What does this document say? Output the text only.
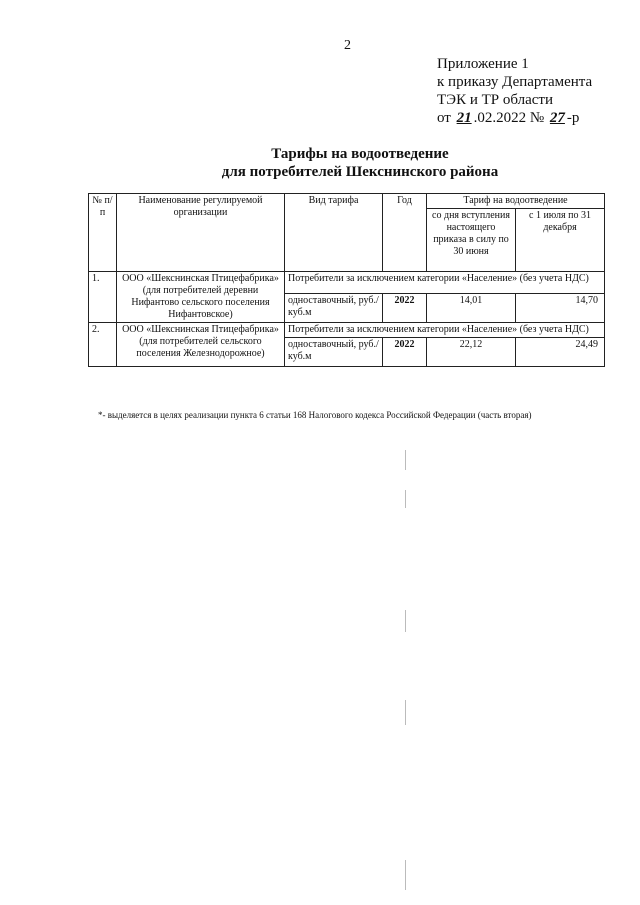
2
Приложение 1
к приказу Департамента
ТЭК и ТР области
от 21 .02.2022 № 27 -р
Тарифы на водоотведение
для потребителей Шекснинского района
№ п/п	Наименование регулируемой организации	Вид тарифа	Год	Тариф на водоотведение	
				со дня вступления настоящего приказа в силу по 30 июня	с 1 июля по 31 декабря
1.	ООО «Шекснинская Птицефабрика» (для потребителей деревни Нифантово сельского поселения Нифантовское)	Потребители за исключением категории «Население» (без учета НДС)			
		одноставочный, руб./куб.м	2022	14,01	14,70
2.	ООО «Шекснинская Птицефабрика» (для потребителей сельского поселения Железнодорожное)	Потребители за исключением категории «Население» (без учета НДС)			
		одноставочный, руб./куб.м	2022	22,12	24,49
*- выделяется в целях реализации пункта 6 статьи 168 Налогового кодекса Российской Федерации (часть вторая)
